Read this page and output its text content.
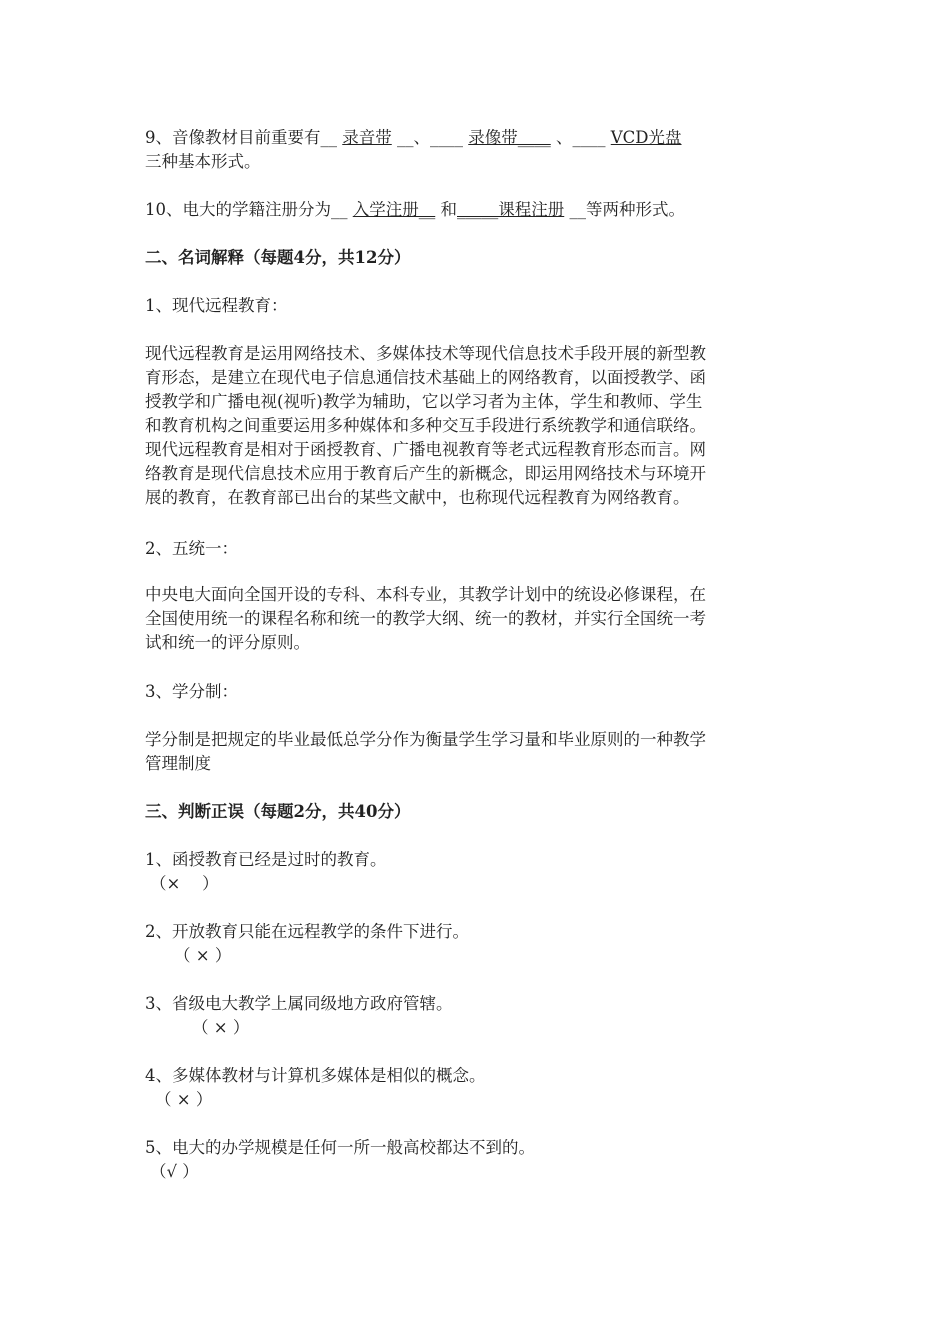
9、音像教材目前重要有__ 录音带 __、____ 录像带____ 、____ VCD光盘
三种基本形式。
10、电大的学籍注册分为__ 入学注册__ 和_____课程注册 __等两种形式。
二、名词解释（每题4分，共12分）
1、现代远程教育：
现代远程教育是运用网络技术、多媒体技术等现代信息技术手段开展的新型教
育形态，是建立在现代电子信息通信技术基础上的网络教育，以面授教学、函
授教学和广播电视(视听)教学为辅助，它以学习者为主体，学生和教师、学生
和教育机构之间重要运用多种媒体和多种交互手段进行系统教学和通信联络。
现代远程教育是相对于函授教育、广播电视教育等老式远程教育形态而言。网
络教育是现代信息技术应用于教育后产生的新概念，即运用网络技术与环境开
展的教育，在教育部已出台的某些文献中，也称现代远程教育为网络教育。
2、五统一：
中央电大面向全国开设的专科、本科专业，其教学计划中的统设必修课程，在
全国使用统一的课程名称和统一的教学大纲、统一的教材，并实行全国统一考
试和统一的评分原则。
3、学分制：
学分制是把规定的毕业最低总学分作为衡量学生学习量和毕业原则的一种教学
管理制度
三、判断正误（每题2分，共40分）
1、函授教育已经是过时的教育。
（×　 ）
2、开放教育只能在远程教学的条件下进行。
（ × ）
3、省级电大教学上属同级地方政府管辖。
（ × ）
4、多媒体教材与计算机多媒体是相似的概念。
（ × ）
5、电大的办学规模是任何一所一般高校都达不到的。
（√ ）
